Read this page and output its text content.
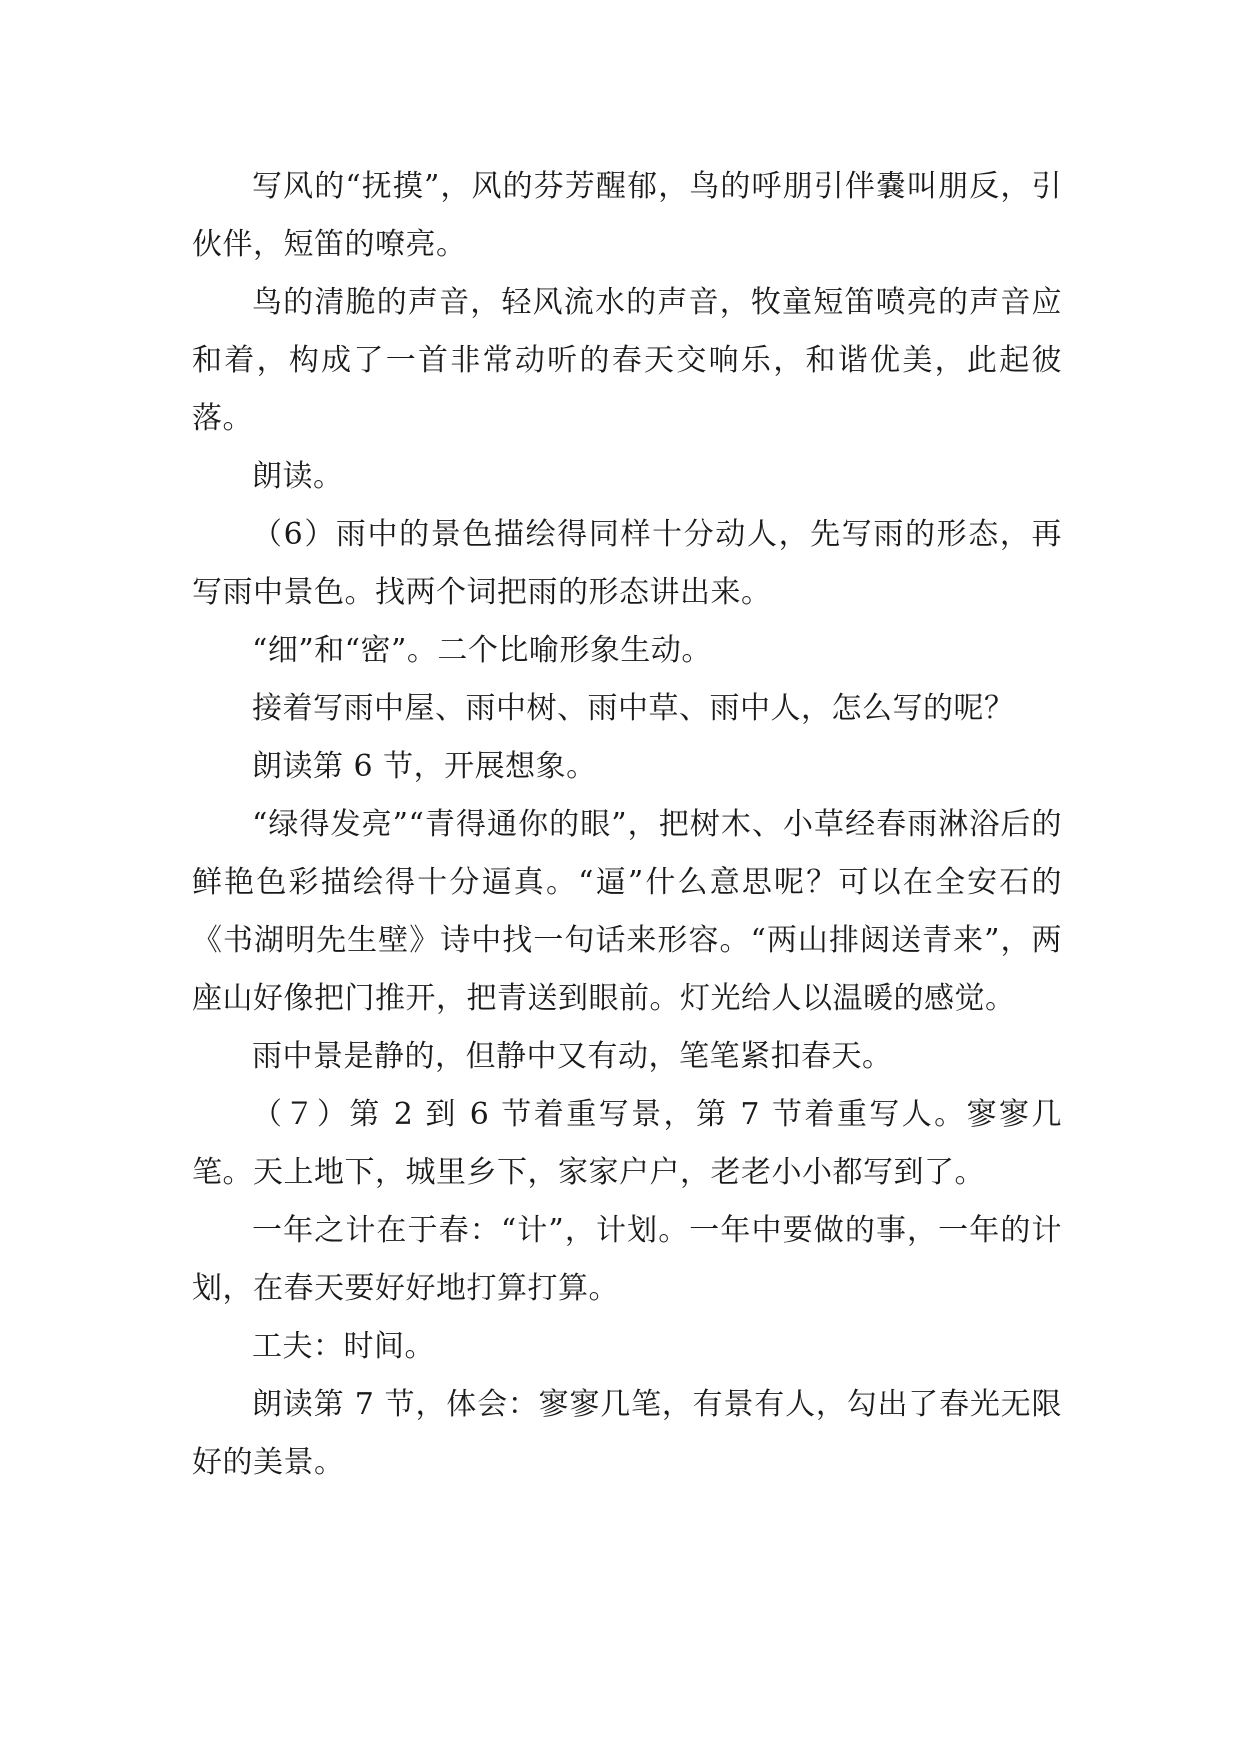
写风的“抚摸”，风的芬芳醒郁，鸟的呼朋引伴嚢叫朋反，引伙伴，短笛的嘹亮。

鸟的清脆的声音，轻风流水的声音，牧童短笛喷亮的声音应和着，构成了一首非常动听的春天交响乐，和谐优美，此起彼落。

朗读。

（6）雨中的景色描绘得同样十分动人，先写雨的形态，再写雨中景色。找两个词把雨的形态讲出来。

“细”和“密”。二个比喻形象生动。

接着写雨中屋、雨中树、雨中草、雨中人，怎么写的呢？

朗读第 6 节，开展想象。

“绿得发亮”“青得通你的眼”，把树木、小草经春雨淋浴后的鲜艳色彩描绘得十分逼真。“逼”什么意思呢？可以在全安石的《书湖明先生壁》诗中找一句话来形容。“两山排闼送青来”，两座山好像把门推开，把青送到眼前。灯光给人以温暖的感觉。

雨中景是静的，但静中又有动，笔笔紧扣春天。

（７）第 2 到 6 节着重写景，第 7 节着重写人。寥寥几笔。天上地下，城里乡下，家家户户，老老小小都写到了。

一年之计在于春：“计”，计划。一年中要做的事，一年的计划，在春天要好好地打算打算。

工夫：时间。

朗读第 7 节，体会：寥寥几笔，有景有人，勾出了春光无限好的美景。
